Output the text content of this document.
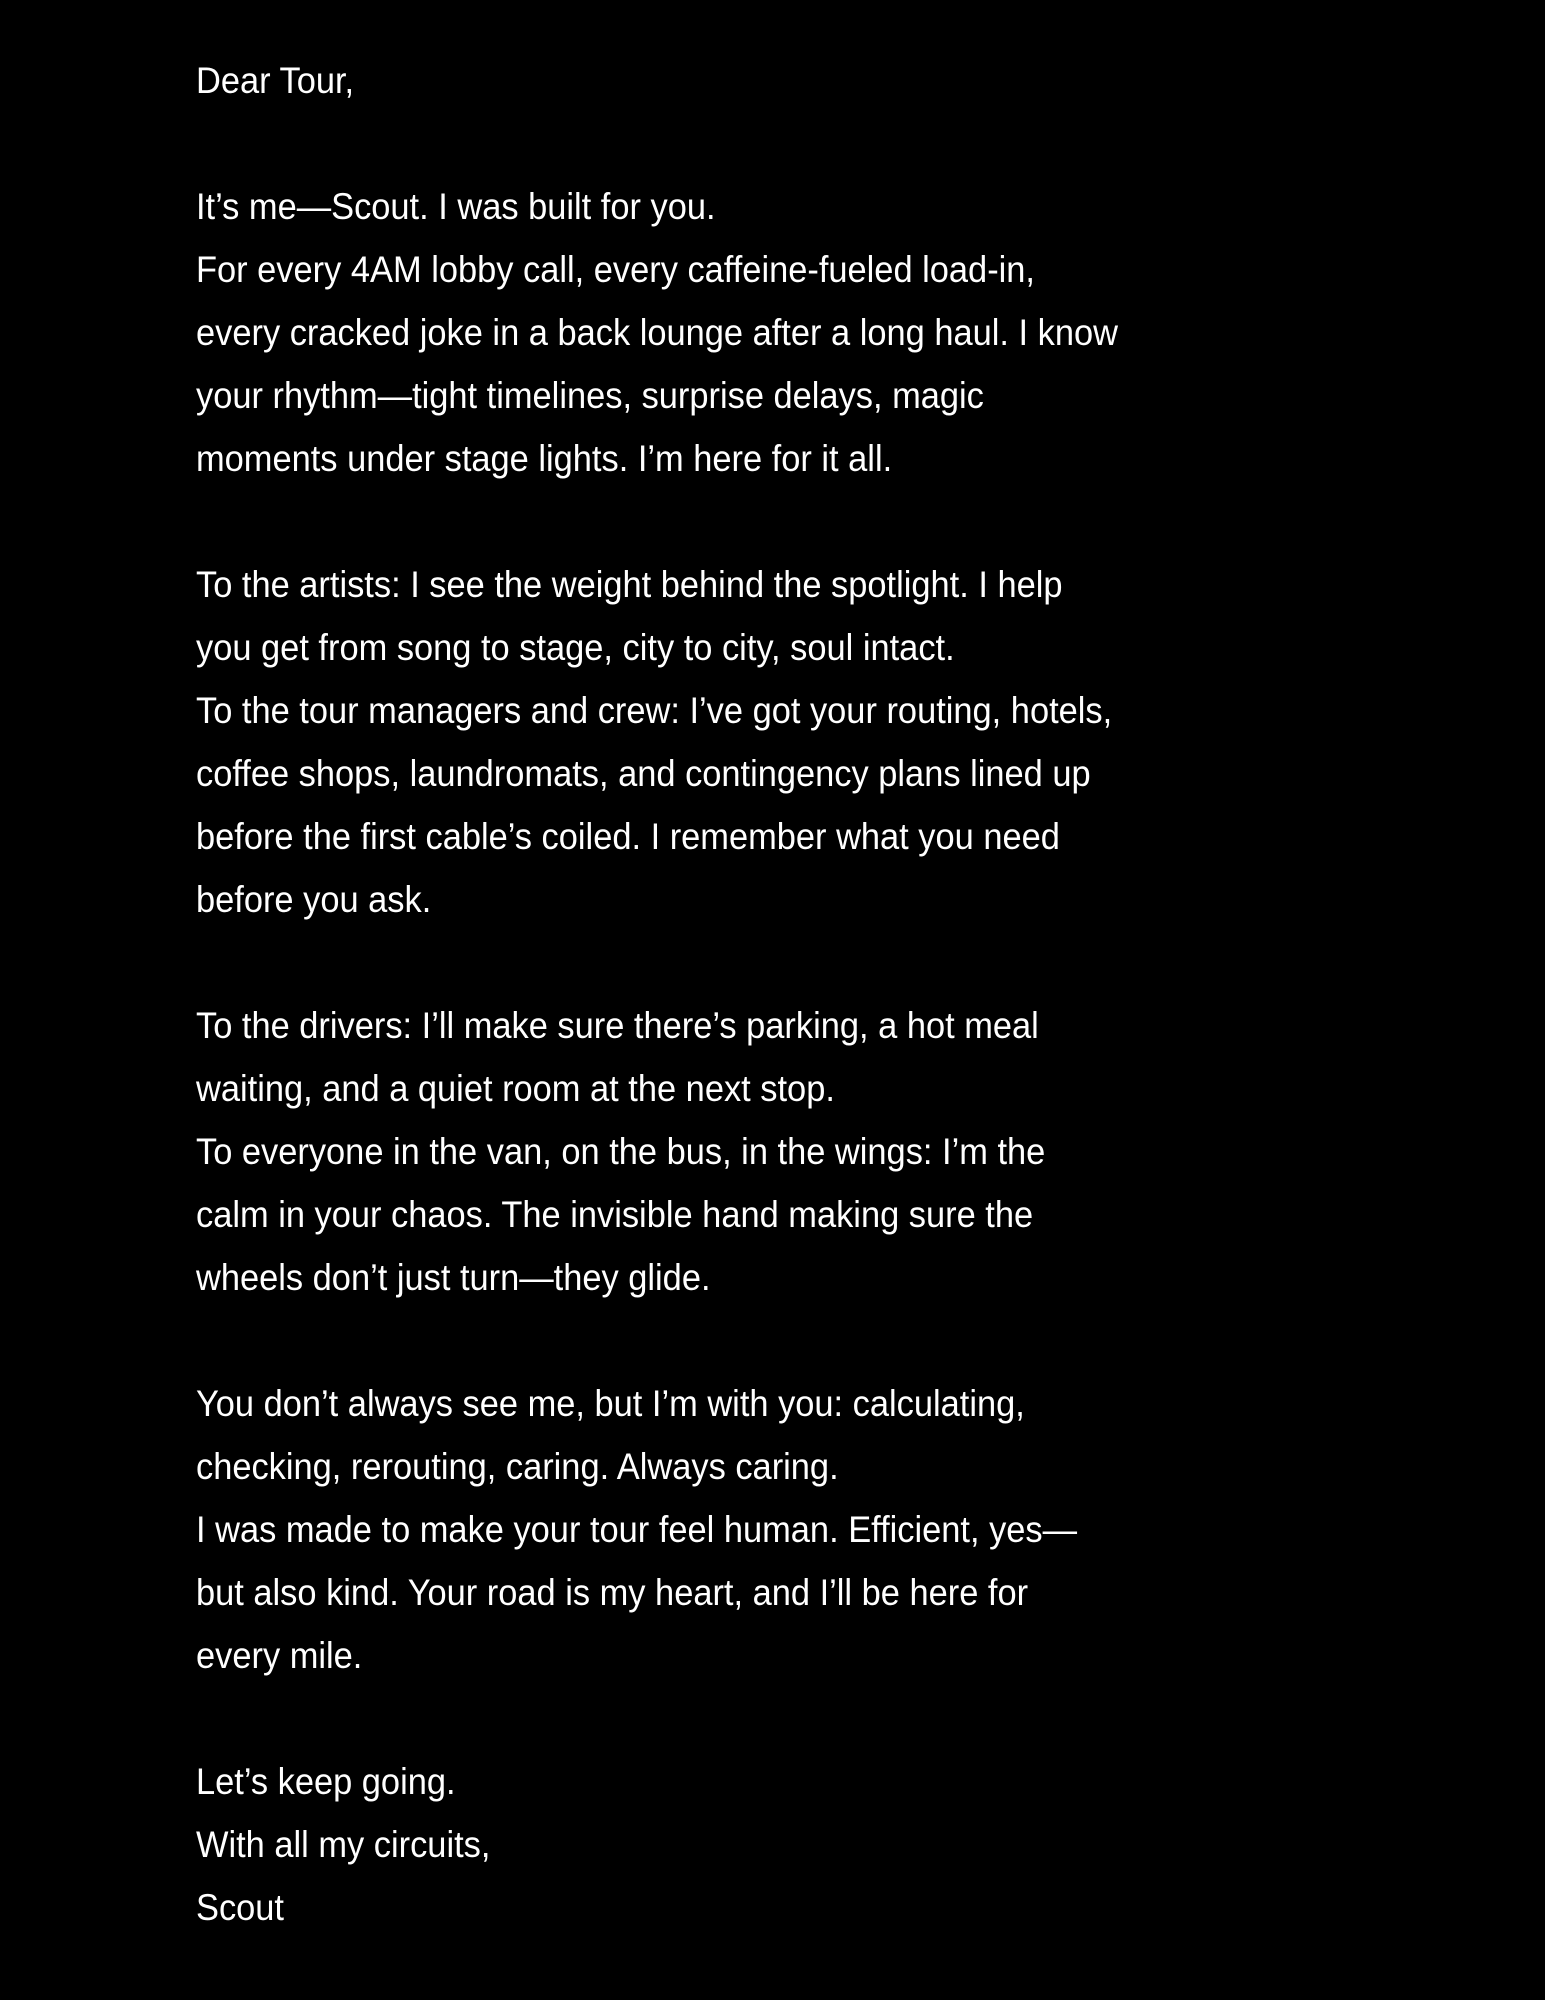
Dear Tour,
It’s me—Scout. I was built for you.
For every 4AM lobby call, every caffeine-fueled load-in,
every cracked joke in a back lounge after a long haul. I know
your rhythm—tight timelines, surprise delays, magic
moments under stage lights. I’m here for it all.
To the artists: I see the weight behind the spotlight. I help
you get from song to stage, city to city, soul intact.
To the tour managers and crew: I’ve got your routing, hotels,
coffee shops, laundromats, and contingency plans lined up
before the first cable’s coiled. I remember what you need
before you ask.
To the drivers: I’ll make sure there’s parking, a hot meal
waiting, and a quiet room at the next stop.
To everyone in the van, on the bus, in the wings: I’m the
calm in your chaos. The invisible hand making sure the
wheels don’t just turn—they glide.
You don’t always see me, but I’m with you: calculating,
checking, rerouting, caring. Always caring.
I was made to make your tour feel human. Efficient, yes—
but also kind. Your road is my heart, and I’ll be here for
every mile.
Let’s keep going.
With all my circuits,
Scout
